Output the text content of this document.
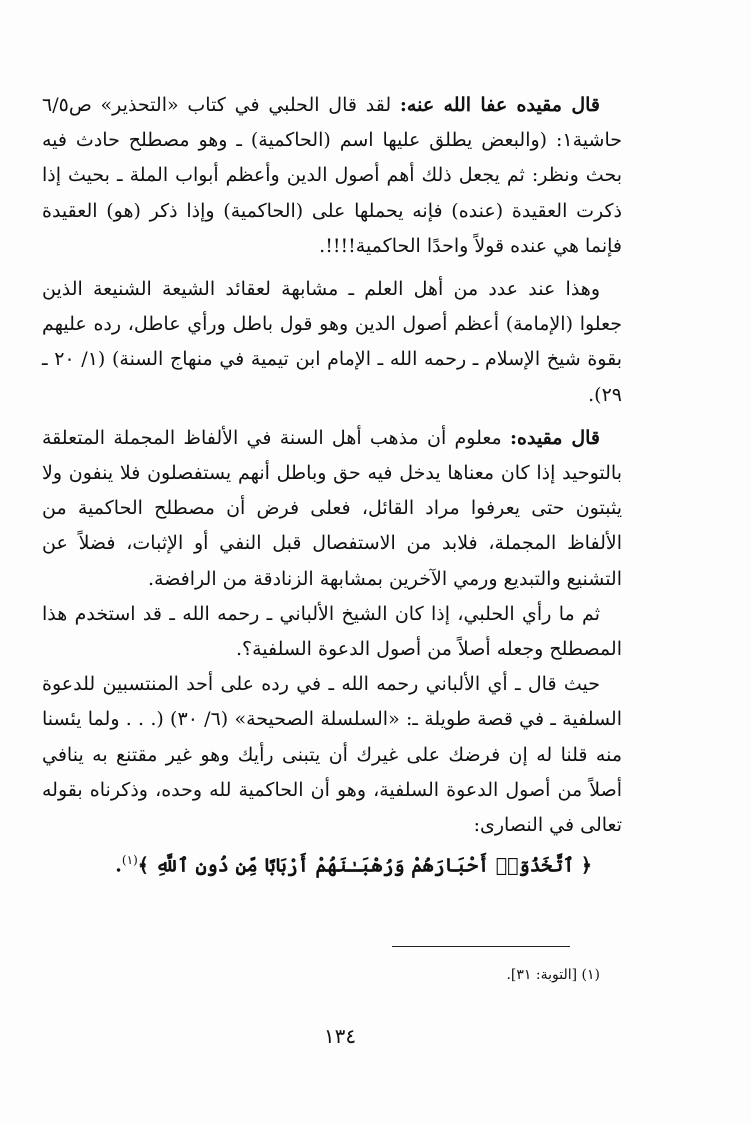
قال مقيده عفا الله عنه: لقد قال الحلبي في كتاب «التحذير» ص٦/٥ حاشية١: (والبعض يطلق عليها اسم (الحاكمية) ـ وهو مصطلح حادث فيه بحث ونظر: ثم يجعل ذلك أهم أصول الدين وأعظم أبواب الملة ـ بحيث إذا ذكرت العقيدة (عنده) فإنه يحملها على (الحاكمية) وإذا ذكر (هو) العقيدة فإنما هي عنده قولاً واحدًا الحاكمية!!!!.

وهذا عند عدد من أهل العلم ـ مشابهة لعقائد الشيعة الشنيعة الذين جعلوا (الإمامة) أعظم أصول الدين وهو قول باطل ورأي عاطل، رده عليهم بقوة شيخ الإسلام ـ رحمه الله ـ الإمام ابن تيمية في منهاج السنة) (١/ ٢٠ ـ ٢٩).

قال مقيده: معلوم أن مذهب أهل السنة في الألفاظ المجملة المتعلقة بالتوحيد إذا كان معناها يدخل فيه حق وباطل أنهم يستفصلون فلا ينفون ولا يثبتون حتى يعرفوا مراد القائل، فعلى فرض أن مصطلح الحاكمية من الألفاظ المجملة، فلابد من الاستفصال قبل النفي أو الإثبات، فضلاً عن التشنيع والتبديع ورمي الآخرين بمشابهة الزنادقة من الرافضة.

ثم ما رأي الحلبي، إذا كان الشيخ الألباني ـ رحمه الله ـ قد استخدم هذا المصطلح وجعله أصلاً من أصول الدعوة السلفية؟.

حيث قال ـ أي الألباني رحمه الله ـ في رده على أحد المنتسبين للدعوة السلفية ـ في قصة طويلة ـ: «السلسلة الصحيحة» (٦/ ٣٠) (. . . ولما يئسنا منه قلنا له إن فرضك على غيرك أن يتبنى رأيك وهو غير مقتنع به ينافي أصلاً من أصول الدعوة السلفية، وهو أن الحاكمية لله وحده، وذكرناه بقوله تعالى في النصارى:

﴿ ٱتَّخَذُوٓا۟ أَحْبَارَهُمْ وَرُهْبَـٰنَهُمْ أَرْبَابًا مِّن دُونِ ٱللَّهِ ﴾$^{(١)}$.

(١) [التوبة: ٣١].
١٣٤
